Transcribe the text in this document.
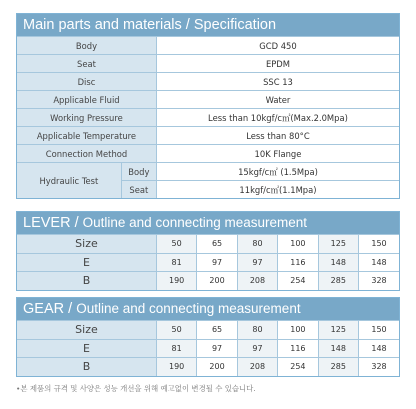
Main parts and materials / Specification
Body	GCD 450
Seat	EPDM
Disc	SSC 13
Applicable Fluid	Water
Working Pressure	Less than 10kgf/c㎡(Max.2.0Mpa)
Applicable Temperature	Less than 80°C
Connection Method	10K Flange
Hydraulic Test	Body	15kgf/c㎡ (1.5Mpa)
	Seat	11kgf/c㎡(1.1Mpa)
LEVER / Outline and connecting measurement
Size	50	65	80	100	125	150
E	81	97	97	116	148	148
B	190	200	208	254	285	328
GEAR / Outline and connecting measurement
Size	50	65	80	100	125	150
E	81	97	97	116	148	148
B	190	200	208	254	285	328
•본 제품의 규격 및 사양은 성능 개선을 위해 예고없이 변경될 수 있습니다.
